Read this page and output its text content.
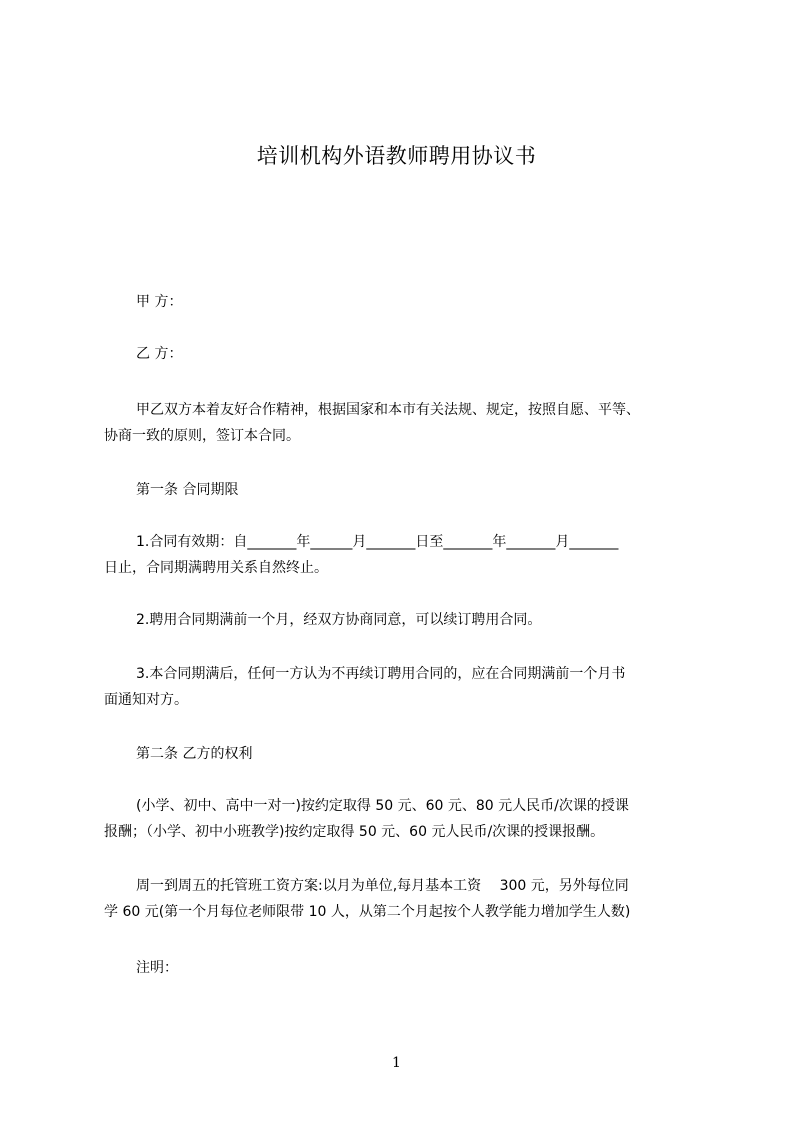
培训机构外语教师聘用协议书
甲 方：
乙 方：
甲乙双方本着友好合作精神，根据国家和本市有关法规、规定，按照自愿、平等、
协商一致的原则，签订本合同。
第一条 合同期限
1.合同有效期：自_______年______月_______日至_______年_______月_______
日止，合同期满聘用关系自然终止。
2.聘用合同期满前一个月，经双方协商同意，可以续订聘用合同。
3.本合同期满后，任何一方认为不再续订聘用合同的，应在合同期满前一个月书
面通知对方。
第二条 乙方的权利
(小学、初中、高中一对一)按约定取得 50 元、60 元、80 元人民币/次课的授课
报酬；（小学、初中小班教学)按约定取得 50 元、60 元人民币/次课的授课报酬。
周一到周五的托管班工资方案:以月为单位,每月基本工资　 300 元，另外每位同
学 60 元(第一个月每位老师限带 10 人，从第二个月起按个人教学能力增加学生人数)
注明：
1
